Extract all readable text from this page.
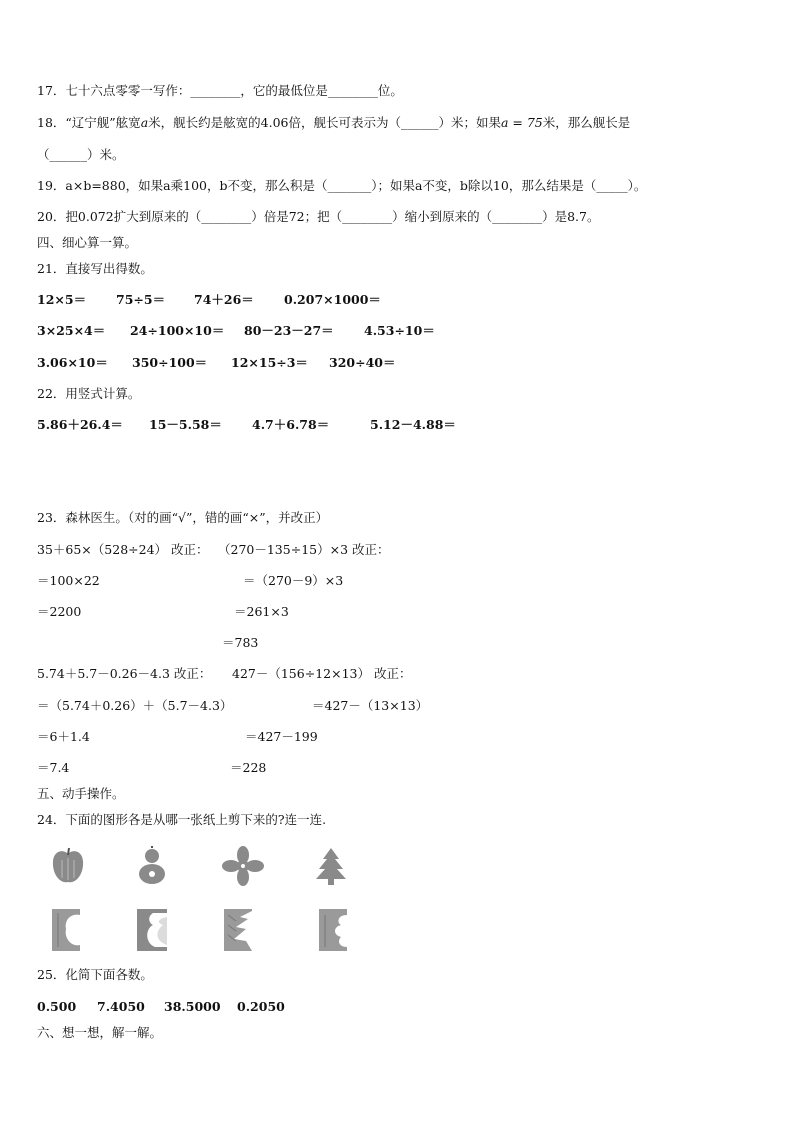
17．七十六点零零一写作：________，它的最低位是________位。
18．“辽宁舰”舷宽a米，舰长约是舷宽的4.06倍，舰长可表示为（______）米；如果a = 75米，那么舰长是
（______）米。
19．a×b=880，如果a乘100，b不变，那么积是（_______）；如果a不变，b除以10，那么结果是（_____）。
20．把0.072扩大到原来的（________）倍是72；把（________）缩小到原来的（________）是8.7。
四、细心算一算。
21．直接写出得数。
12×5＝ 75÷5＝ 74＋26＝ 0.207×1000＝
3×25×4＝ 24÷100×10＝ 80－23－27＝ 4.53÷10＝
3.06×10＝ 350÷100＝ 12×15÷3＝ 320÷40＝
22．用竖式计算。
5.86＋26.4＝ 15－5.58＝ 4.7＋6.78＝	5.12－4.88＝
23．森林医生。（对的画“√”，错的画“×”，并改正）
35＋65×（528÷24） 改正： （270－135÷15）×3 改正：
＝100×22	＝（270－9）×3
＝2200	＝261×3
＝783
5.74＋5.7－0.26－4.3 改正： 427－（156÷12×13） 改正：
＝（5.74＋0.26）＋（5.7－4.3）	＝427－（13×13）
＝6＋1.4	＝427－199
＝7.4	＝228
五、动手操作。
24．下面的图形各是从哪一张纸上剪下来的?连一连.
25．化简下面各数。
0.500 7.4050 38.5000 0.2050
六、想一想，解一解。
